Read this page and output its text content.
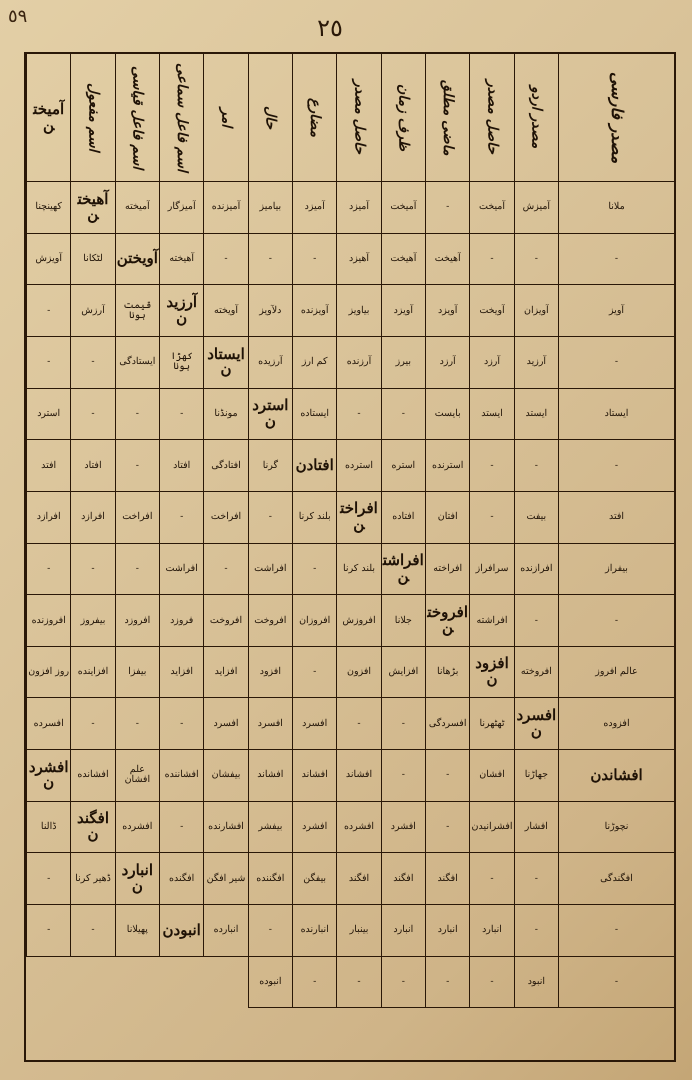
٥٩	٢٥
مصدر فارسی
مصدر اردو
حاصل مصدر
ماضی مطلق
ظرف زمان
حاصل مصدر
مضارع
حال
امر
اسم فاعل سماعی
اسم فاعل قیاسی
اسم مفعول
آمیختن
ملانا
آمیزش
آمیخت
-
آمیخت
آمیزد
آمیزد
بیامیز
آمیزنده
آمیزگار
آمیخته
آهیختن
کھینچنا
-
-
-
آهیخت
آهیخت
آهیزد
-
-
-
آهیخته
آویختن
لٹکانا
آویزش
آویز
آویزان
آویخت
آویزد
آویزد
بیاویز
آویزنده
دلآویز
آویخته
آرزیدن
قیمت ہونا
آرزش
-
-
آرزید
آرزد
آرزد
بیرز
آرزنده
کم ارز
آرزیده
ایستادن
کھڑا ہونا
ایستادگی
-
-
ایستاد
ایستد
ایستد
بایست
-
-
ایستاده
استردن
مونڈنا
-
-
-
استرد
-
-
-
استرنده
استره
استرده
افتادن
گرنا
افتادگی
افتاد
-
افتاد
افتد
افتد
بیفت
-
افتان
افتاده
افراختن
بلند کرنا
-
افراخت
-
افراخت
افرازد
افرازد
بیفراز
افرازنده
سرافراز
افراخته
افراشتن
بلند کرنا
-
افراشت
-
افراشت
-
-
-
-
-
افراشته
افروختن
جلانا
افروزش
افروزان
افروخت
افروخت
فروزد
افروزد
بیفروز
افروزنده
عالم افروز
افروخته
افزودن
بڑھانا
افزایش
افزون
-
افزود
افزاید
افزاید
بیفزا
افزاینده
روز افزون
افزوده
افسردن
ٹھٹھرنا
افسردگی
-
-
افسرد
افسرد
افسرد
-
-
-
افسرده
افشاندن
جھاڑنا
افشان
-
-
افشاند
افشاند
افشاند
بیفشان
افشاننده
علم افشان
افشانده
افشردن
نچوڑنا
افشار
افشرانیدن
-
افشرد
افشرده
افشرد
بیفشر
افشارنده
-
افشرده
افگندن
ڈالنا
افگندگی
-
-
افگند
افگند
افگند
بیفگن
افگننده
شیر افگن
افگنده
انباردن
ڈھیر کرنا
-
-
-
انبارد
انبارد
انبارد
بینبار
انبارنده
-
انبارده
انبودن
پھیلانا
-
-
-
انبود
-
-
-
-
-
انبوده
